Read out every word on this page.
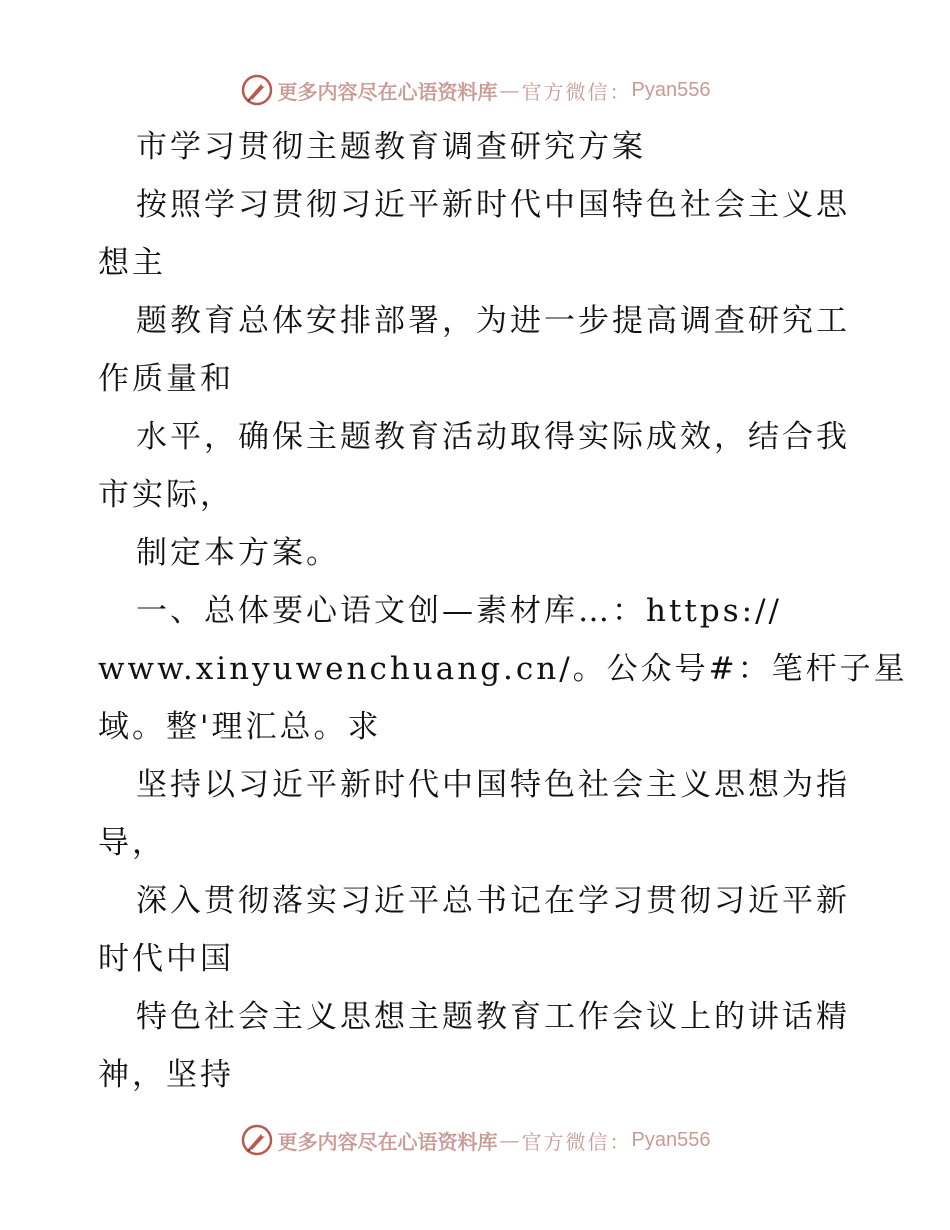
更多内容尽在心语资料库 — 官方微信： Pyan556
市学习贯彻主题教育调查研究方案
按照学习贯彻习近平新时代中国特色社会主义思
想主
题教育总体安排部署，为进一步提高调查研究工
作质量和
水平，确保主题教育活动取得实际成效，结合我
市实际，
制定本方案。
一、总体要心语文创—素材库…：https://
www.xinyuwenchuang.cn/。公众号#：笔杆子星
域。整'理汇总。求
坚持以习近平新时代中国特色社会主义思想为指
导，
深入贯彻落实习近平总书记在学习贯彻习近平新
时代中国
特色社会主义思想主题教育工作会议上的讲话精
神，坚持
更多内容尽在心语资料库 — 官方微信： Pyan556
